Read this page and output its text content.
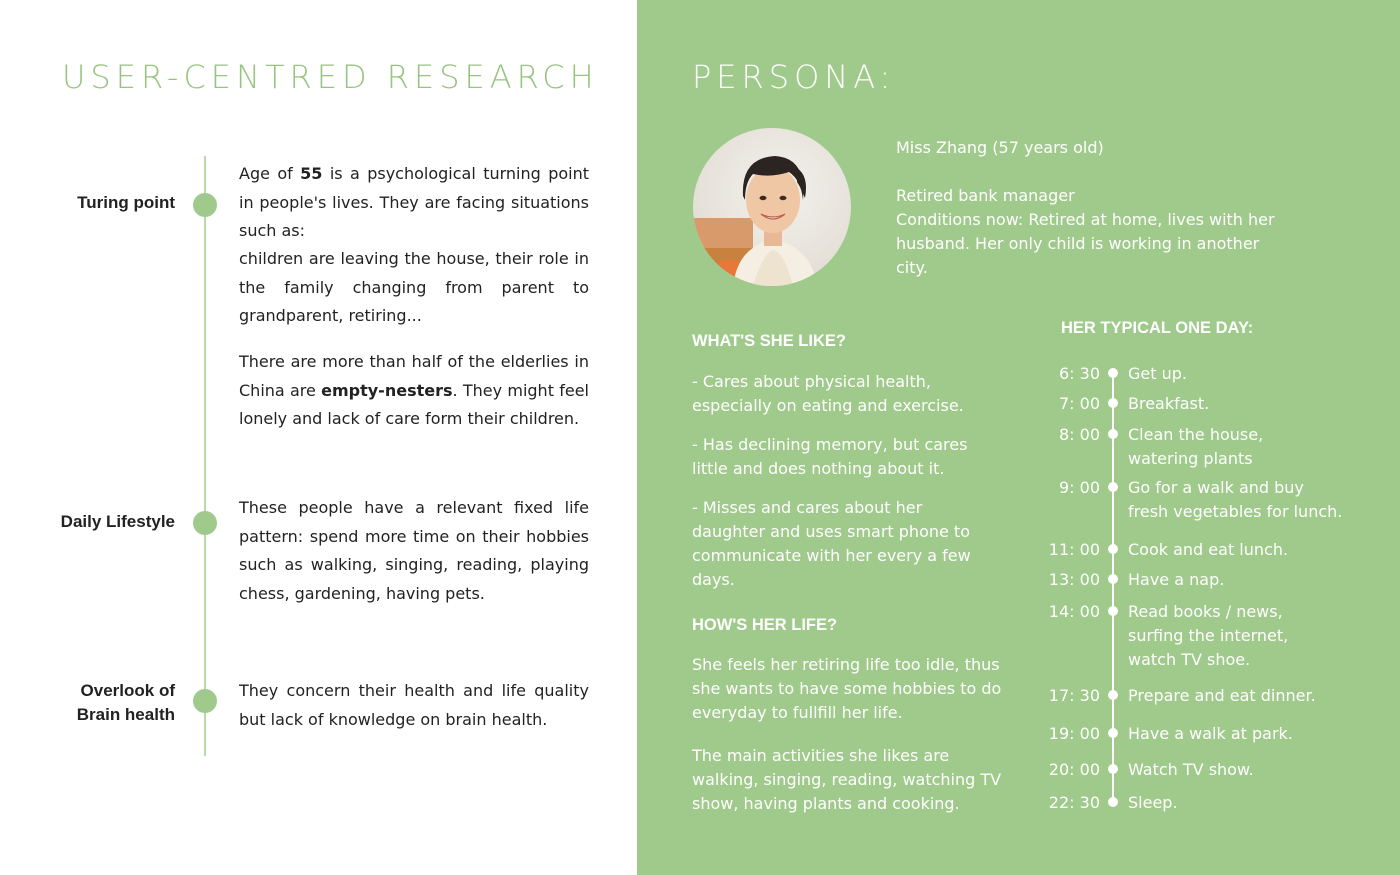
USER-CENTRED RESEARCH
Turing point

Age of 55 is a psychological turning point in people's lives. They are facing situations such as:

children are leaving the house, their role in the family changing from parent to grandparent, retiring...

There are more than half of the elderlies in China are empty-nesters. They might feel lonely and lack of care form their children.

Daily Lifestyle

These people have a relevant fixed life pattern: spend more time on their hobbies such as walking, singing, reading, playing chess, gardening, having pets.

Overlook of
Brain health

They concern their health and life quality but lack of knowledge on brain health.

PERSONA:
Miss Zhang (57 years old)
Retired bank manager
Conditions now: Retired at home, lives with her husband. Her only child is working in another city.
WHAT'S SHE LIKE?

- Cares about physical health, especially on eating and exercise.

- Has declining memory, but cares little and does nothing about it.

- Misses and cares about her daughter and uses smart phone to communicate with her every a few days.

HOW'S HER LIFE?

She feels her retiring life too idle, thus she wants to have some hobbies to do everyday to fullfill her life.

The main activities she likes are walking, singing, reading, watching TV show, having plants and cooking.

HER TYPICAL ONE DAY:
6: 30 Get up.
7: 00 Breakfast.
8: 00 Clean the house,
watering plants
9: 00 Go for a walk and buy
fresh vegetables for lunch.
11: 00 Cook and eat lunch.
13: 00 Have a nap.
14: 00 Read books / news,
surfing the internet,
watch TV shoe.
17: 30 Prepare and eat dinner.
19: 00 Have a walk at park.
20: 00 Watch TV show.
22: 30 Sleep.
